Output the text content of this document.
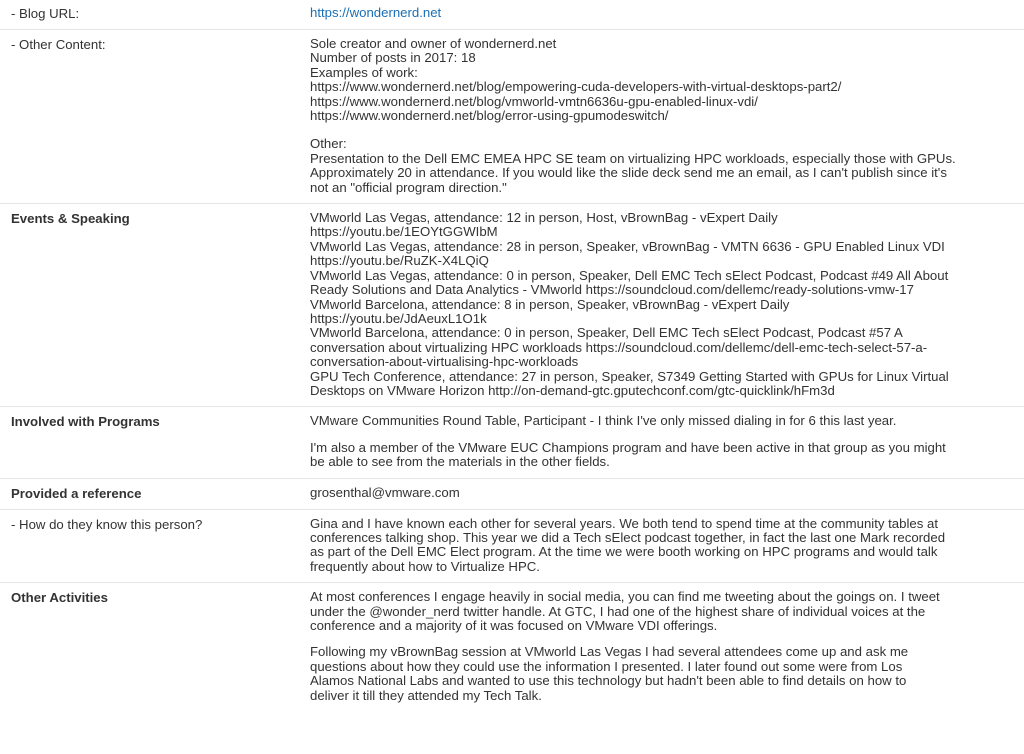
- Blog URL:	https://wondernerd.net
- Other Content:	Sole creator and owner of wondernerd.net
Number of posts in 2017: 18
Examples of work:
https://www.wondernerd.net/blog/empowering-cuda-developers-with-virtual-desktops-part2/
https://www.wondernerd.net/blog/vmworld-vmtn6636u-gpu-enabled-linux-vdi/
https://www.wondernerd.net/blog/error-using-gpumodeswitch/
Other:
Presentation to the Dell EMC EMEA HPC SE team on virtualizing HPC workloads, especially those with GPUs.
Approximately 20 in attendance. If you would like the slide deck send me an email, as I can't publish since it's
not an "official program direction."
Events & Speaking	VMworld Las Vegas, attendance: 12 in person, Host, vBrownBag - vExpert Daily
https://youtu.be/1EOYtGGWIbM
VMworld Las Vegas, attendance: 28 in person, Speaker, vBrownBag - VMTN 6636 - GPU Enabled Linux VDI
https://youtu.be/RuZK-X4LQiQ
VMworld Las Vegas, attendance: 0 in person, Speaker, Dell EMC Tech sElect Podcast, Podcast #49 All About
Ready Solutions and Data Analytics - VMworld https://soundcloud.com/dellemc/ready-solutions-vmw-17
VMworld Barcelona, attendance: 8 in person, Speaker, vBrownBag - vExpert Daily
https://youtu.be/JdAeuxL1O1k
VMworld Barcelona, attendance: 0 in person, Speaker, Dell EMC Tech sElect Podcast, Podcast #57 A
conversation about virtualizing HPC workloads https://soundcloud.com/dellemc/dell-emc-tech-select-57-a-
conversation-about-virtualising-hpc-workloads
GPU Tech Conference, attendance: 27 in person, Speaker, S7349 Getting Started with GPUs for Linux Virtual
Desktops on VMware Horizon http://on-demand-gtc.gputechconf.com/gtc-quicklink/hFm3d
Involved with Programs	VMware Communities Round Table, Participant - I think I've only missed dialing in for 6 this last year.
I'm also a member of the VMware EUC Champions program and have been active in that group as you might
be able to see from the materials in the other fields.
Provided a reference	grosenthal@vmware.com
- How do they know this person?	Gina and I have known each other for several years. We both tend to spend time at the community tables at
conferences talking shop. This year we did a Tech sElect podcast together, in fact the last one Mark recorded
as part of the Dell EMC Elect program. At the time we were booth working on HPC programs and would talk
frequently about how to Virtualize HPC.
Other Activities	At most conferences I engage heavily in social media, you can find me tweeting about the goings on. I tweet
under the @wonder_nerd twitter handle. At GTC, I had one of the highest share of individual voices at the
conference and a majority of it was focused on VMware VDI offerings.
Following my vBrownBag session at VMworld Las Vegas I had several attendees come up and ask me
questions about how they could use the information I presented. I later found out some were from Los
Alamos National Labs and wanted to use this technology but hadn't been able to find details on how to
deliver it till they attended my Tech Talk.
